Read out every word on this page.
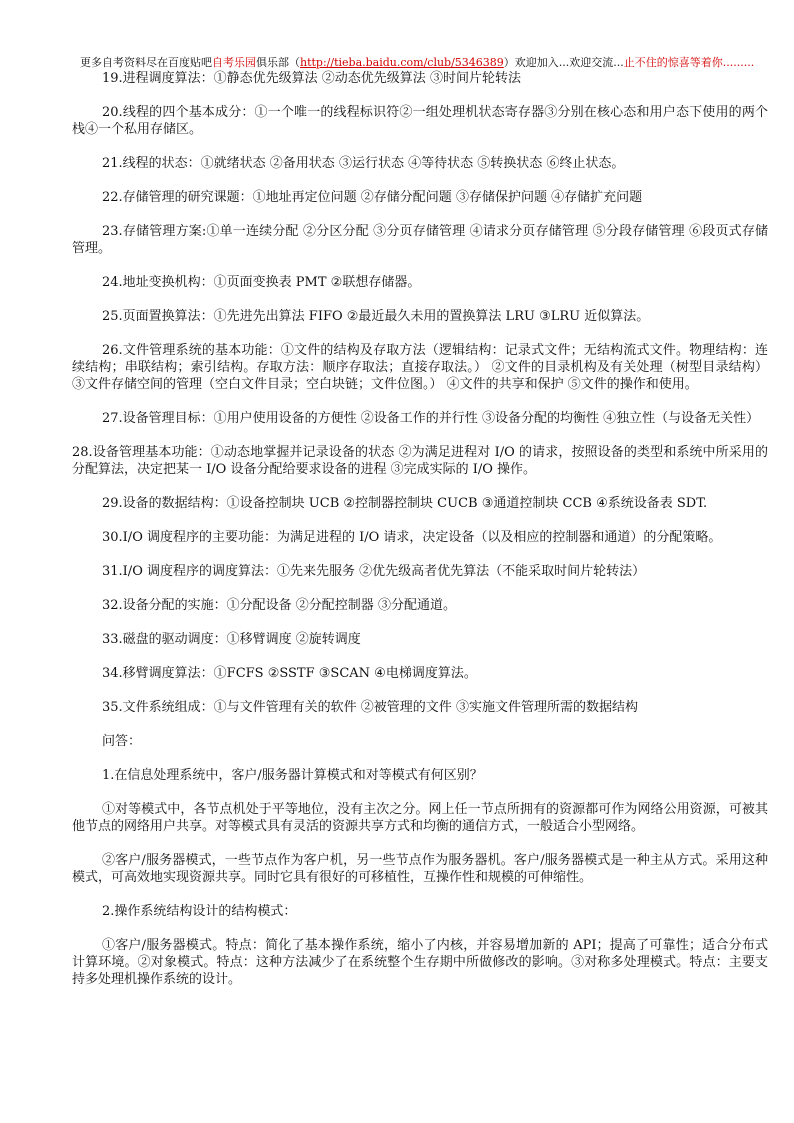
更多自考资料尽在百度贴吧自考乐园俱乐部（http://tieba.baidu.com/club/5346389）欢迎加入...欢迎交流...止不住的惊喜等着你.........

19.进程调度算法：①静态优先级算法 ②动态优先级算法 ③时间片轮转法

20.线程的四个基本成分：①一个唯一的线程标识符②一组处理机状态寄存器③分别在核心态和用户态下使用的两个栈④一个私用存储区。

21.线程的状态：①就绪状态 ②备用状态 ③运行状态 ④等待状态 ⑤转换状态 ⑥终止状态。

22.存储管理的研究课题：①地址再定位问题 ②存储分配问题 ③存储保护问题 ④存储扩充问题

23.存储管理方案:①单一连续分配 ②分区分配 ③分页存储管理 ④请求分页存储管理 ⑤分段存储管理 ⑥段页式存储管理。

24.地址变换机构：①页面变换表 PMT ②联想存储器。

25.页面置换算法：①先进先出算法 FIFO ②最近最久未用的置换算法 LRU ③LRU 近似算法。

26.文件管理系统的基本功能：①文件的结构及存取方法（逻辑结构：记录式文件；无结构流式文件。物理结构：连续结构；串联结构；索引结构。存取方法：顺序存取法；直接存取法。） ②文件的目录机构及有关处理（树型目录结构） ③文件存储空间的管理（空白文件目录；空白块链；文件位图。） ④文件的共享和保护 ⑤文件的操作和使用。

27.设备管理目标：①用户使用设备的方便性 ②设备工作的并行性 ③设备分配的均衡性 ④独立性（与设备无关性）

28.设备管理基本功能：①动态地掌握并记录设备的状态 ②为满足进程对 I/O 的请求，按照设备的类型和系统中所采用的分配算法，决定把某一 I/O 设备分配给要求设备的进程 ③完成实际的 I/O 操作。

29.设备的数据结构：①设备控制块 UCB ②控制器控制块 CUCB ③通道控制块 CCB ④系统设备表 SDT.

30.I/O 调度程序的主要功能：为满足进程的 I/O 请求，决定设备（以及相应的控制器和通道）的分配策略。

31.I/O 调度程序的调度算法：①先来先服务 ②优先级高者优先算法（不能采取时间片轮转法）

32.设备分配的实施：①分配设备 ②分配控制器 ③分配通道。

33.磁盘的驱动调度：①移臂调度 ②旋转调度

34.移臂调度算法：①FCFS ②SSTF ③SCAN ④电梯调度算法。

35.文件系统组成：①与文件管理有关的软件 ②被管理的文件 ③实施文件管理所需的数据结构

问答：

1.在信息处理系统中，客户/服务器计算模式和对等模式有何区别？

①对等模式中，各节点机处于平等地位，没有主次之分。网上任一节点所拥有的资源都可作为网络公用资源，可被其他节点的网络用户共享。对等模式具有灵活的资源共享方式和均衡的通信方式，一般适合小型网络。

②客户/服务器模式，一些节点作为客户机，另一些节点作为服务器机。客户/服务器模式是一种主从方式。采用这种模式，可高效地实现资源共享。同时它具有很好的可移植性，互操作性和规模的可伸缩性。

2.操作系统结构设计的结构模式：

①客户/服务器模式。特点：简化了基本操作系统，缩小了内核，并容易增加新的 API；提高了可靠性；适合分布式计算环境。②对象模式。特点：这种方法减少了在系统整个生存期中所做修改的影响。③对称多处理模式。特点：主要支持多处理机操作系统的设计。
